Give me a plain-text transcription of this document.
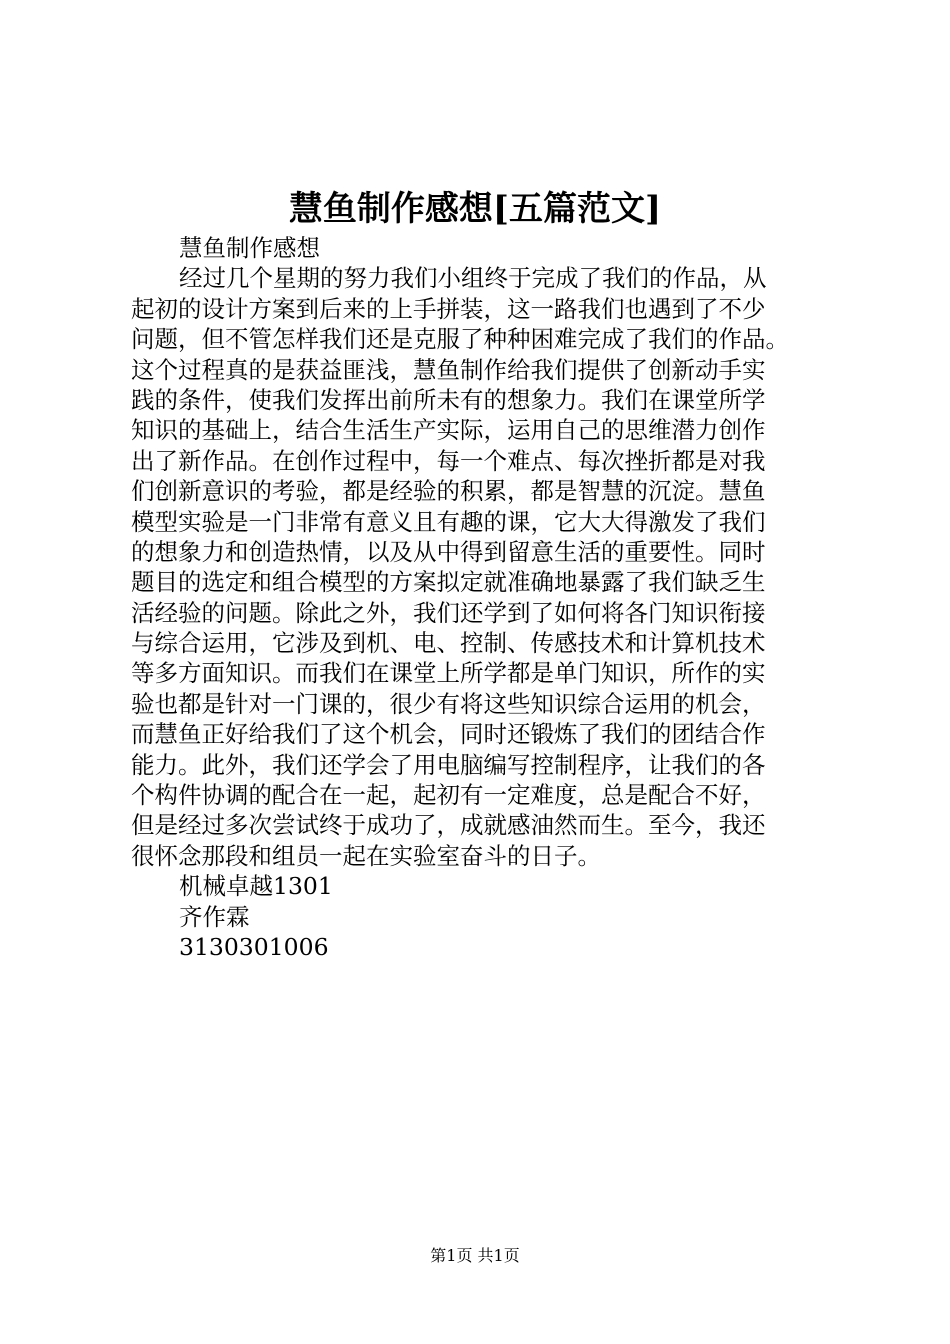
慧鱼制作感想[五篇范文]
慧鱼制作感想
经过几个星期的努力我们小组终于完成了我们的作品，从
起初的设计方案到后来的上手拼装，这一路我们也遇到了不少
问题，但不管怎样我们还是克服了种种困难完成了我们的作品。
这个过程真的是获益匪浅，慧鱼制作给我们提供了创新动手实
践的条件，使我们发挥出前所未有的想象力。我们在课堂所学
知识的基础上，结合生活生产实际，运用自己的思维潜力创作
出了新作品。在创作过程中，每一个难点、每次挫折都是对我
们创新意识的考验，都是经验的积累，都是智慧的沉淀。慧鱼
模型实验是一门非常有意义且有趣的课，它大大得激发了我们
的想象力和创造热情，以及从中得到留意生活的重要性。同时
题目的选定和组合模型的方案拟定就准确地暴露了我们缺乏生
活经验的问题。除此之外，我们还学到了如何将各门知识衔接
与综合运用，它涉及到机、电、控制、传感技术和计算机技术
等多方面知识。而我们在课堂上所学都是单门知识，所作的实
验也都是针对一门课的，很少有将这些知识综合运用的机会，
而慧鱼正好给我们了这个机会，同时还锻炼了我们的团结合作
能力。此外，我们还学会了用电脑编写控制程序，让我们的各
个构件协调的配合在一起，起初有一定难度，总是配合不好，
但是经过多次尝试终于成功了，成就感油然而生。至今，我还
很怀念那段和组员一起在实验室奋斗的日子。
机械卓越1301
齐作霖
3130301006
第1页 共1页
